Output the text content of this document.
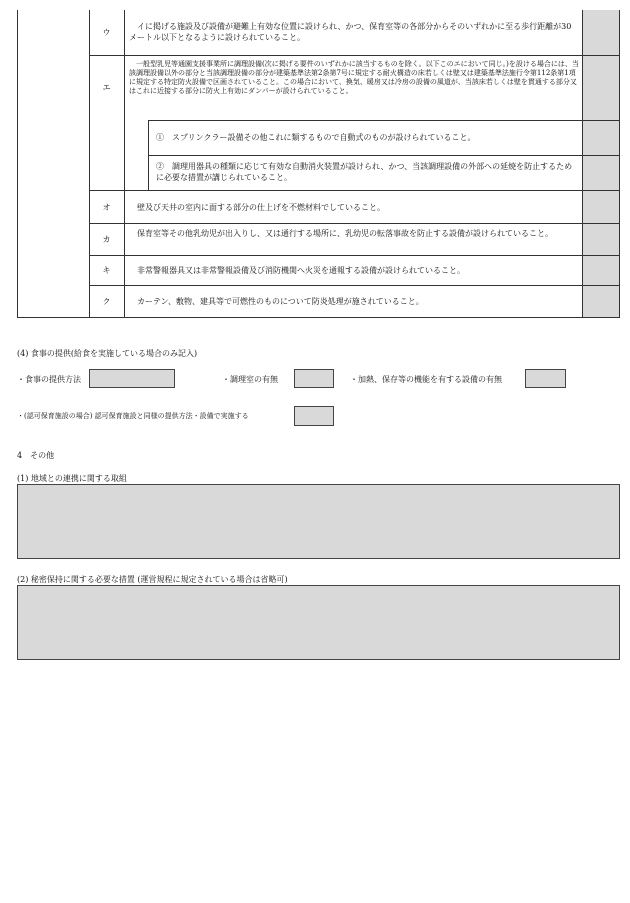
ウ
エ
オ
カ
キ
ク
　イに掲げる施設及び設備が避難上有効な位置に設けられ、かつ、保育室等の各部分からそのいずれかに至る歩行距離が30メートル以下となるように設けられていること。
　一般型乳児等通園支援事業所に調理設備(次に掲げる要件のいずれかに該当するものを除く。以下このエにおいて同じ。)を設ける場合には、当該調理設備以外の部分と当該調理設備の部分が建築基準法第2条第7号に規定する耐火構造の床若しくは壁又は建築基準法施行令第112条第1項に規定する特定防火設備で区画されていること。この場合において、換気、暖房又は冷房の設備の風道が、当該床若しくは壁を貫通する部分又はこれに近接する部分に防火上有効にダンパーが設けられていること。
①　スプリンクラー設備その他これに類するもので自動式のものが設けられていること。
②　調理用器具の種類に応じて有効な自動消火装置が設けられ、かつ、当該調理設備の外部への延焼を防止するために必要な措置が講じられていること。
　壁及び天井の室内に面する部分の仕上げを不燃材料でしていること。
　保育室等その他乳幼児が出入りし、又は通行する場所に、乳幼児の転落事故を防止する設備が設けられていること。
　非常警報器具又は非常警報設備及び消防機関へ火災を通報する設備が設けられていること。
　カーテン、敷物、建具等で可燃性のものについて防炎処理が施されていること。
(4) 食事の提供(給食を実施している場合のみ記入)
・食事の提供方法	・調理室の有無	・加熱、保存等の機能を有する設備の有無
・(認可保育施設の場合) 認可保育施設と同様の提供方法・設備で実施する
4　その他
(1) 地域との連携に関する取組
(2) 秘密保持に関する必要な措置 (運営規程に規定されている場合は省略可)
